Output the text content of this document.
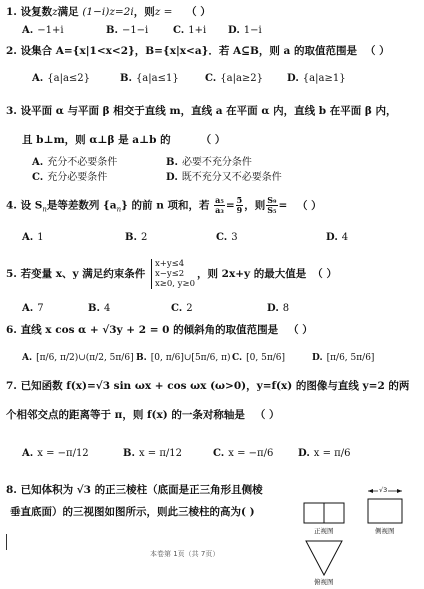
1. 设复数z满足 (1−i)z=2i，则z = （ ）
A. −1+i	B. −1−i C. 1+i D. 1−i
2. 设集合 A={x|1<x<2}，B={x|x<a}．若 A⊆B，则 a 的取值范围是 （ ）
A. {a|a≤2}	B. {a|a≤1}	C. {a|a≥2} D. {a|a≥1}
3. 设平面 α 与平面 β 相交于直线 m，直线 a 在平面 α 内，直线 b 在平面 β 内，
且 b⊥m，则 α⊥β 是 a⊥b 的	（ ）
A. 充分不必要条件	B. 必要不充分条件
C. 充分必要条件	D. 既不充分又不必要条件
4. 设 $S_n$是等差数列 $\{a_n\}$ 的前 n 项和，若 $\frac{\text{a₅}}{\text{a₃}} = \frac{5}{9}$ ，则 $\frac{\text{S₉}}{\text{S₅}}$ = （ ）
A. 1	B. 2	C. 3	D. 4
5. 若变量 x、y 满足约束条件
x+y≤4
x−y≤2
x≥0, y≥0
，则 2x+y 的最大值是 （ ）
A. 7	B. 4	C. 2	D. 8
6. 直线 x cos α + √3y + 2 = 0 的倾斜角的取值范围是 （ ）
A. [π/6, π/2)∪(π/2, 5π/6] B. [0, π/6]∪[5π/6, π) C. [0, 5π/6]	D. [π/6, 5π/6]
7. 已知函数 f(x)=√3 sin ωx + cos ωx (ω>0)，y=f(x) 的图像与直线 y=2 的两
个相邻交点的距离等于 π，则 f(x) 的一条对称轴是 （ ）
A. x = −π/12	B. x = π/12	C. x = −π/6 D. x = π/6
8. 已知体积为 √3 的正三棱柱（底面是正三角形且侧棱
垂直底面）的三视图如图所示，则此三棱柱的高为( )
√3
正视图	侧视图
俯视图
本卷第 1页（共 7页）
